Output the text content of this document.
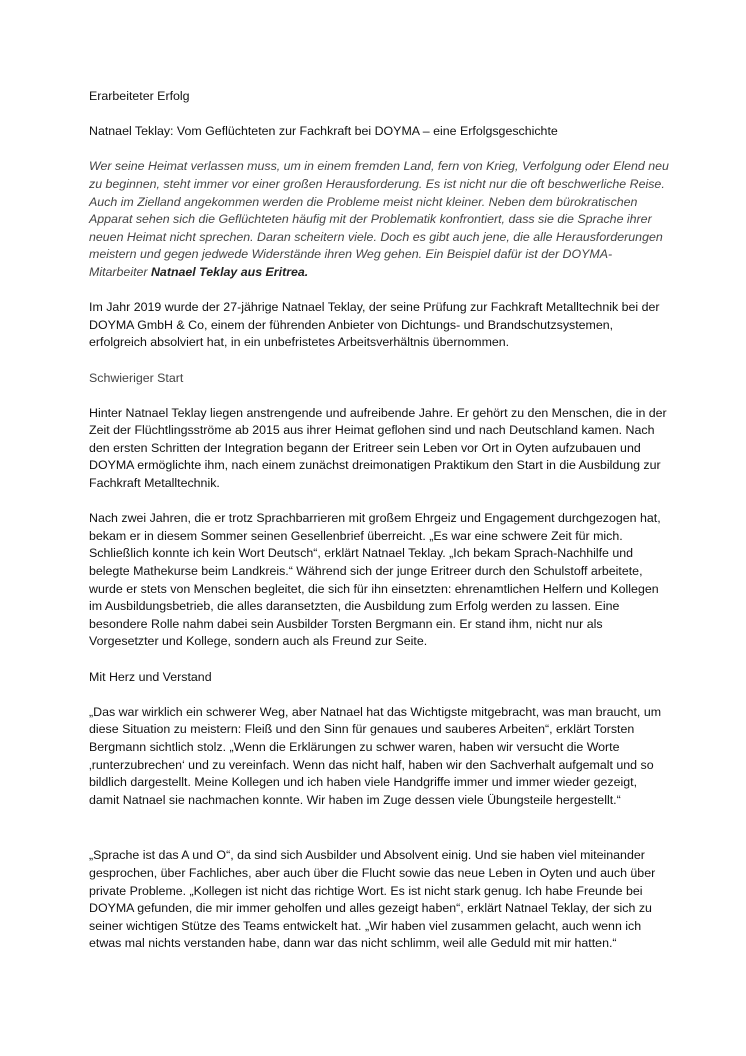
Erarbeiteter Erfolg

Natnael Teklay: Vom Geflüchteten zur Fachkraft bei DOYMA – eine Erfolgsgeschichte

Wer seine Heimat verlassen muss, um in einem fremden Land, fern von Krieg, Verfolgung oder Elend neu zu beginnen, steht immer vor einer großen Herausforderung. Es ist nicht nur die oft beschwerliche Reise. Auch im Zielland angekommen werden die Probleme meist nicht kleiner. Neben dem bürokratischen Apparat sehen sich die Geflüchteten häufig mit der Problematik konfrontiert, dass sie die Sprache ihrer neuen Heimat nicht sprechen. Daran scheitern viele. Doch es gibt auch jene, die alle Herausforderungen meistern und gegen jedwede Widerstände ihren Weg gehen. Ein Beispiel dafür ist der DOYMA-Mitarbeiter Natnael Teklay aus Eritrea.

Im Jahr 2019 wurde der 27-jährige Natnael Teklay, der seine Prüfung zur Fachkraft Metalltechnik bei der DOYMA GmbH & Co, einem der führenden Anbieter von Dichtungs- und Brandschutzsystemen, erfolgreich absolviert hat, in ein unbefristetes Arbeitsverhältnis übernommen.

Schwieriger Start

Hinter Natnael Teklay liegen anstrengende und aufreibende Jahre. Er gehört zu den Menschen, die in der Zeit der Flüchtlingsströme ab 2015 aus ihrer Heimat geflohen sind und nach Deutschland kamen. Nach den ersten Schritten der Integration begann der Eritreer sein Leben vor Ort in Oyten aufzubauen und DOYMA ermöglichte ihm, nach einem zunächst dreimonatigen Praktikum den Start in die Ausbildung zur Fachkraft Metalltechnik.

Nach zwei Jahren, die er trotz Sprachbarrieren mit großem Ehrgeiz und Engagement durchgezogen hat, bekam er in diesem Sommer seinen Gesellenbrief überreicht. „Es war eine schwere Zeit für mich. Schließlich konnte ich kein Wort Deutsch“, erklärt Natnael Teklay. „Ich bekam Sprach-Nachhilfe und belegte Mathekurse beim Landkreis.“ Während sich der junge Eritreer durch den Schulstoff arbeitete, wurde er stets von Menschen begleitet, die sich für ihn einsetzten: ehrenamtlichen Helfern und Kollegen im Ausbildungsbetrieb, die alles daransetzten, die Ausbildung zum Erfolg werden zu lassen. Eine besondere Rolle nahm dabei sein Ausbilder Torsten Bergmann ein. Er stand ihm, nicht nur als Vorgesetzter und Kollege, sondern auch als Freund zur Seite.

Mit Herz und Verstand

„Das war wirklich ein schwerer Weg, aber Natnael hat das Wichtigste mitgebracht, was man braucht, um diese Situation zu meistern: Fleiß und den Sinn für genaues und sauberes Arbeiten“, erklärt Torsten Bergmann sichtlich stolz. „Wenn die Erklärungen zu schwer waren, haben wir versucht die Worte ‚runterzubrechen‘ und zu vereinfach. Wenn das nicht half, haben wir den Sachverhalt aufgemalt und so bildlich dargestellt. Meine Kollegen und ich haben viele Handgriffe immer und immer wieder gezeigt, damit Natnael sie nachmachen konnte. Wir haben im Zuge dessen viele Übungsteile hergestellt.“

„Sprache ist das A und O“, da sind sich Ausbilder und Absolvent einig. Und sie haben viel miteinander gesprochen, über Fachliches, aber auch über die Flucht sowie das neue Leben in Oyten und auch über private Probleme. „Kollegen ist nicht das richtige Wort. Es ist nicht stark genug. Ich habe Freunde bei DOYMA gefunden, die mir immer geholfen und alles gezeigt haben“, erklärt Natnael Teklay, der sich zu seiner wichtigen Stütze des Teams entwickelt hat. „Wir haben viel zusammen gelacht, auch wenn ich etwas mal nichts verstanden habe, dann war das nicht schlimm, weil alle Geduld mit mir hatten.“
